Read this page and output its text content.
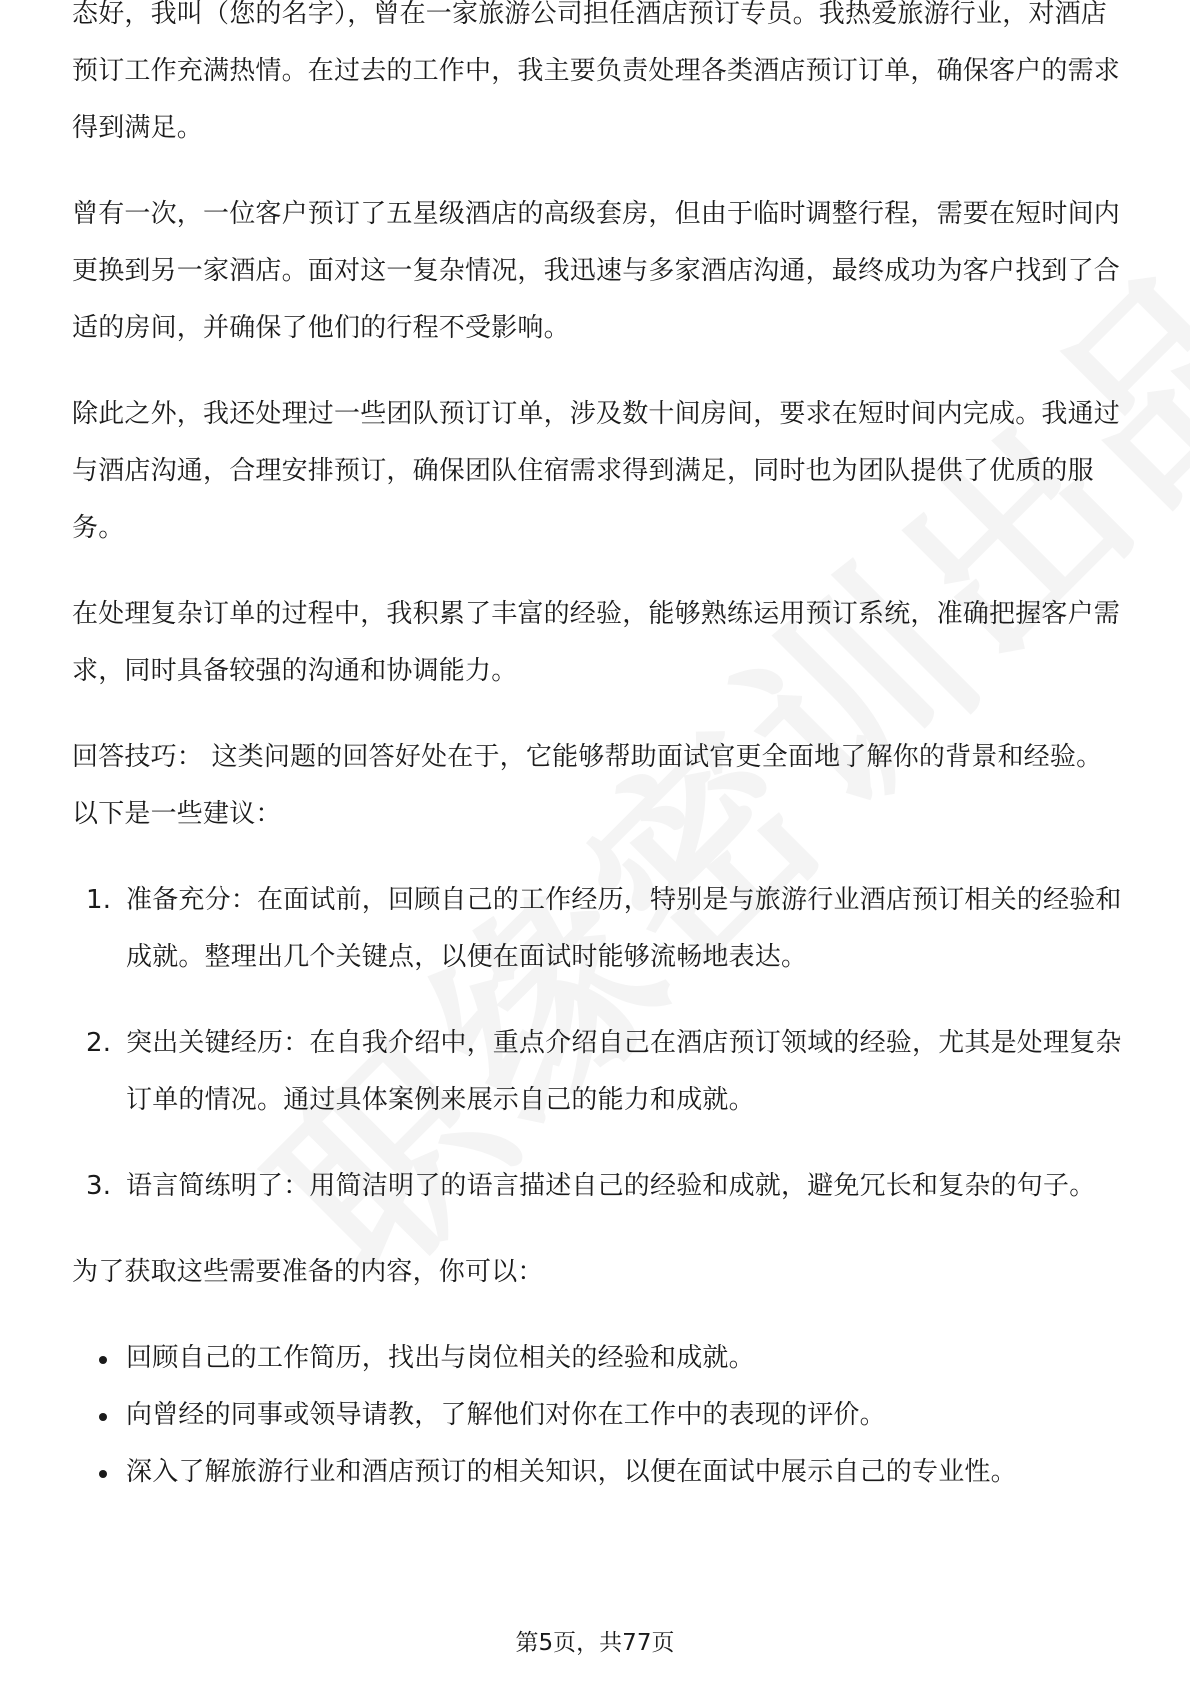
态好，我叫（您的名字），曾在一家旅游公司担任酒店预订专员。我热爱旅游行业，对酒店预订工作充满热情。在过去的工作中，我主要负责处理各类酒店预订订单，确保客户的需求得到满足。

曾有一次，一位客户预订了五星级酒店的高级套房，但由于临时调整行程，需要在短时间内更换到另一家酒店。面对这一复杂情况，我迅速与多家酒店沟通，最终成功为客户找到了合适的房间，并确保了他们的行程不受影响。

除此之外，我还处理过一些团队预订订单，涉及数十间房间，要求在短时间内完成。我通过与酒店沟通，合理安排预订，确保团队住宿需求得到满足，同时也为团队提供了优质的服务。

在处理复杂订单的过程中，我积累了丰富的经验，能够熟练运用预订系统，准确把握客户需求，同时具备较强的沟通和协调能力。

回答技巧： 这类问题的回答好处在于，它能够帮助面试官更全面地了解你的背景和经验。以下是一些建议：

1. 准备充分：在面试前，回顾自己的工作经历，特别是与旅游行业酒店预订相关的经验和成就。整理出几个关键点，以便在面试时能够流畅地表达。
2. 突出关键经历：在自我介绍中，重点介绍自己在酒店预订领域的经验，尤其是处理复杂订单的情况。通过具体案例来展示自己的能力和成就。
3. 语言简练明了：用简洁明了的语言描述自己的经验和成就，避免冗长和复杂的句子。

为了获取这些需要准备的内容，你可以：

回顾自己的工作简历，找出与岗位相关的经验和成就。
向曾经的同事或领导请教，了解他们对你在工作中的表现的评价。
深入了解旅游行业和酒店预订的相关知识，以便在面试中展示自己的专业性。
第5页，共77页
